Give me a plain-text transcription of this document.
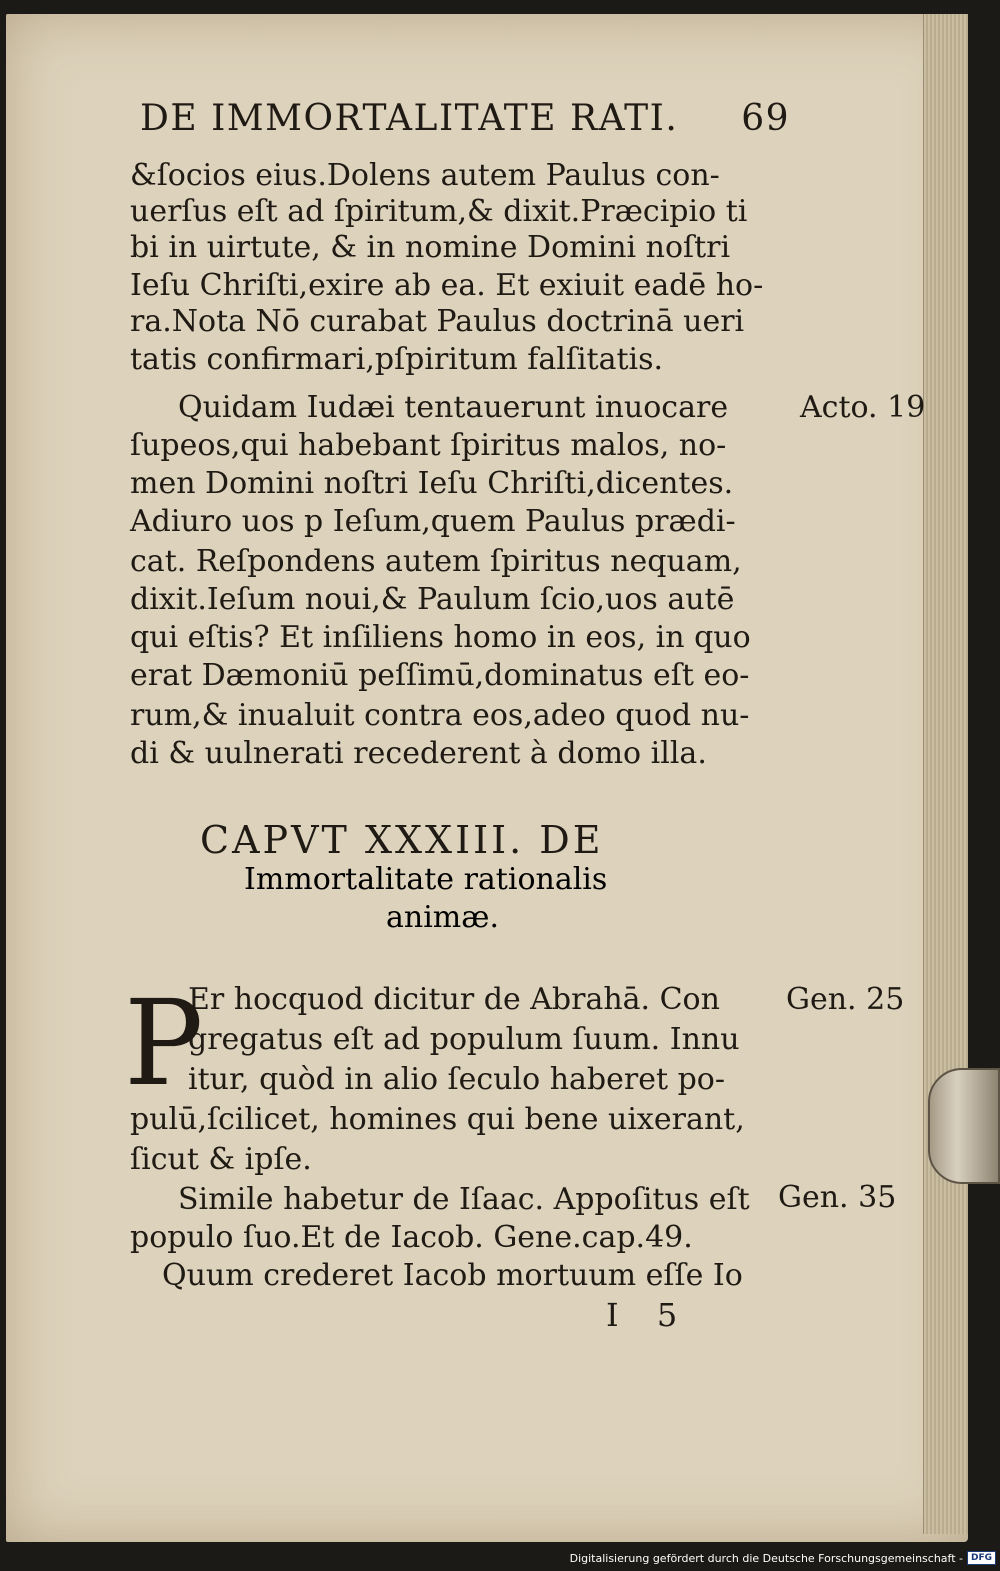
DE IMMORTALITATE RATI. 69
&ſocios eius.Dolens autem Paulus con-
uerſus eſt ad ſpiritum,& dixit.Præcipio ti
bi in uirtute, & in nomine Domini noſtri
Ieſu Chriſti,exire ab ea. Et exiuit eadē ho-
ra.Nota Nō curabat Paulus doctrinā ueri
tatis confirmari,pſpiritum falſitatis.
Quidam Iudæi tentauerunt inuocare
ſupeos,qui habebant ſpiritus malos, no-
men Domini noſtri Ieſu Chriſti,dicentes.
Adiuro uos p Ieſum,quem Paulus prædi-
cat. Reſpondens autem ſpiritus nequam,
dixit.Ieſum noui,& Paulum ſcio,uos autē
qui eſtis? Et inſiliens homo in eos, in quo
erat Dæmoniū peſſimū,dominatus eſt eo-
rum,& inualuit contra eos,adeo quod nu-
di & uulnerati recederent à domo illa.
Acto. 19
CAPVT XXXIII. DE
Immortalitate rationalis
animæ.
P
Er hocquod dicitur de Abrahā. Con
gregatus eſt ad populum ſuum. Innu
itur, quòd in alio ſeculo haberet po-
pulū,ſcilicet, homines qui bene uixerant,
ſicut & ipſe.
Simile habetur de Iſaac. Appoſitus eſt
populo ſuo.Et de Iacob. Gene.cap.49.
Quum crederet Iacob mortuum eſſe Io
Gen. 25
Gen. 35
I 5
Digitalisierung gefördert durch die Deutsche Forschungsgemeinschaft - DFG
